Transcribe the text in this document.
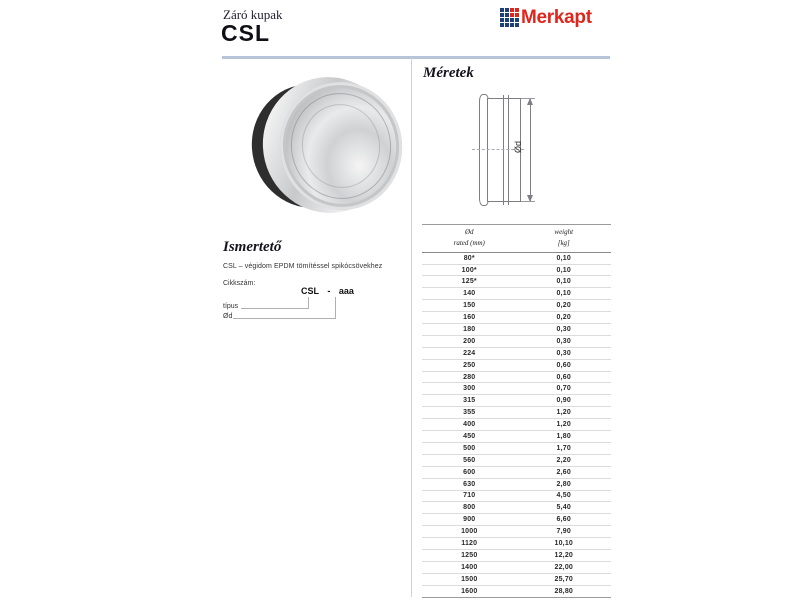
Záró kupak
CSL
Merkapt
Ismertető
CSL – végidom EPDM tömítéssel spikócsövekhez
Cikkszám:
CSL - aaa
típus
Ød
Méretek
Ød
Ød
rated (mm)
weight
[kg]
80*	0,10
100*	0,10
125*	0,10
140	0,10
150	0,20
160	0,20
180	0,30
200	0,30
224	0,30
250	0,60
280	0,60
300	0,70
315	0,90
355	1,20
400	1,20
450	1,80
500	1,70
560	2,20
600	2,60
630	2,80
710	4,50
800	5,40
900	6,60
1000	7,90
1120	10,10
1250	12,20
1400	22,00
1500	25,70
1600	28,80
